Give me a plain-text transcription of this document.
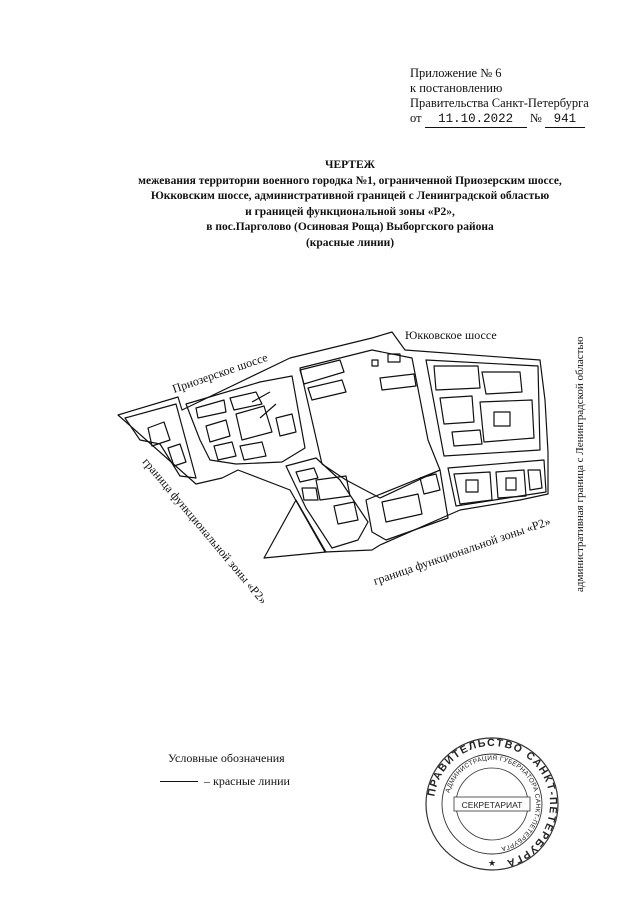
Приложение № 6
к постановлению
Правительства Санкт-Петербурга
от 11.10.2022 № 941
ЧЕРТЕЖ
межевания территории военного городка №1, ограниченной Приозерским шоссе,
Юкковским шоссе, административной границей с Ленинградской областью
и границей функциональной зоны «Р2»,
в пос.Парголово (Осиновая Роща) Выборгского района
(красные линии)
Юкковское шоссе
Приозерское шоссе
граница функциональной зоны «Р2»	граница функциональной зоны «Р2» административная граница с Ленинградской областью
Условные обозначения
– красные линии
ПРАВИТЕЛЬСТВО САНКТ-ПЕТЕРБУРГА
АДМИНИСТРАЦИЯ ГУБЕРНАТОРА САНКТ-ПЕТЕРБУРГА
СЕКРЕТАРИАТ
★
